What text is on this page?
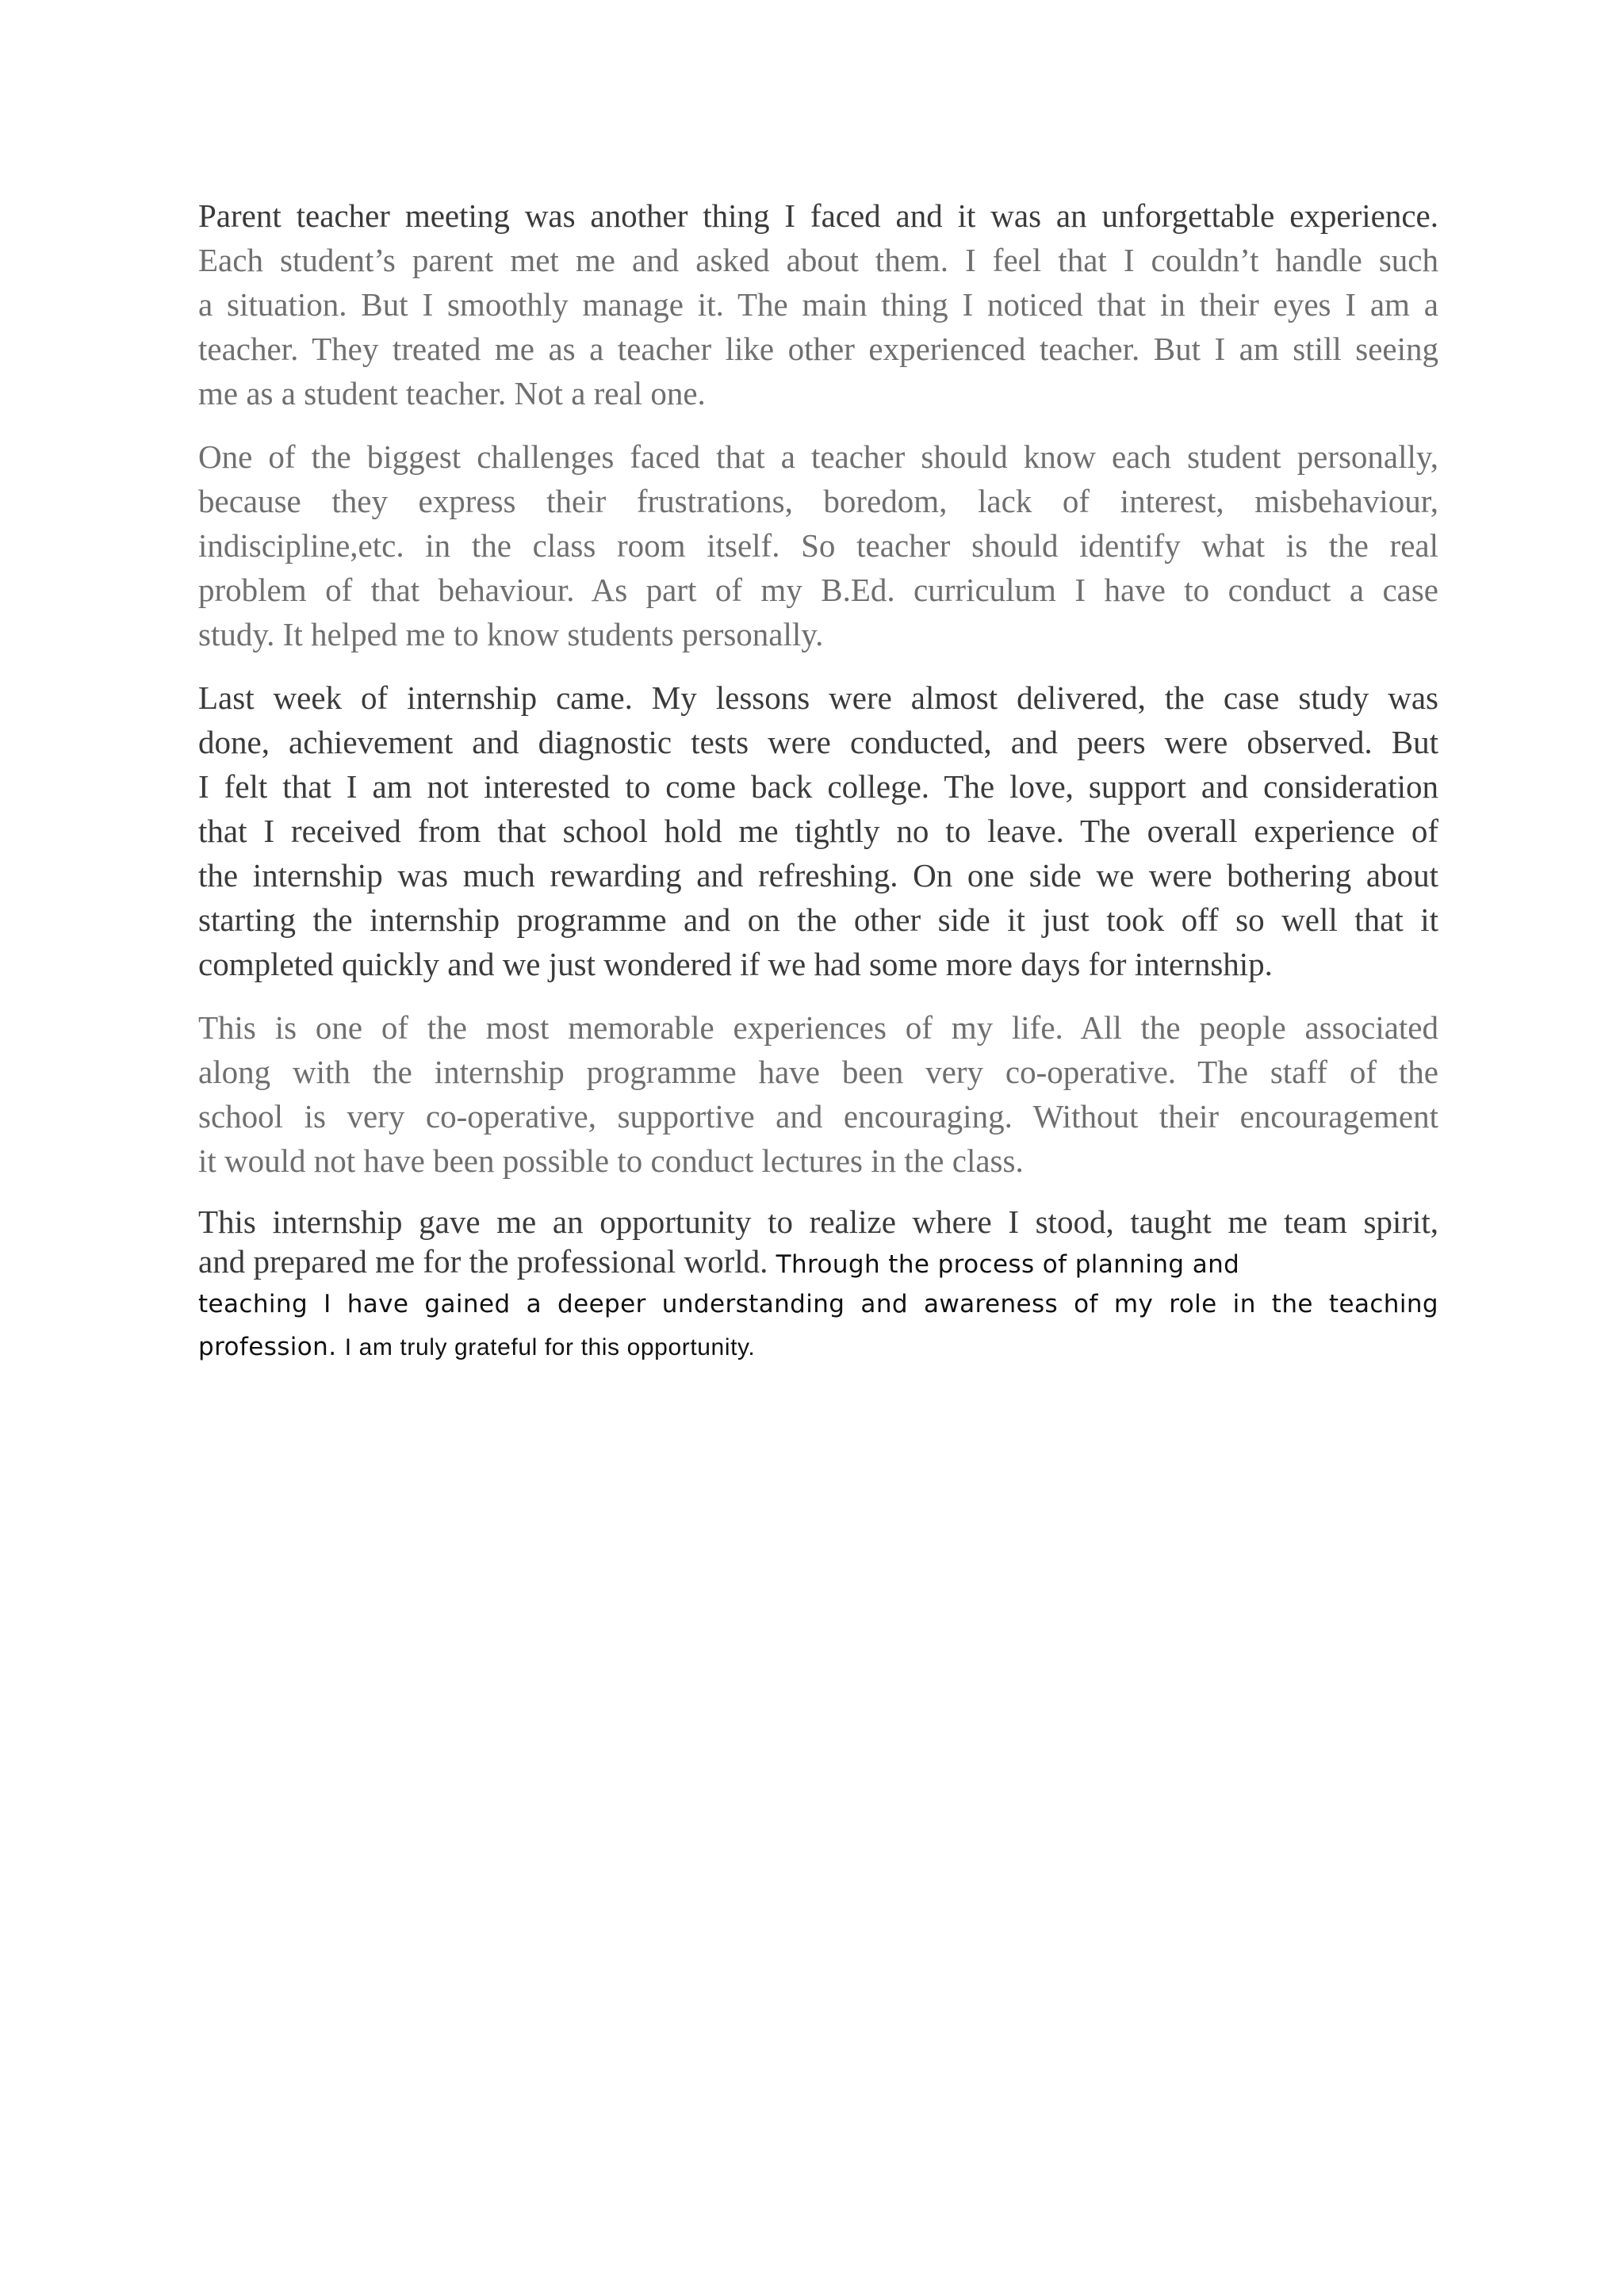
Parent teacher meeting was another thing I faced and it was an unforgettable experience.
Each student’s parent met me and asked about them. I feel that I couldn’t handle such
a situation. But I smoothly manage it. The main thing I noticed that in their eyes I am a
teacher. They treated me as a teacher like other experienced teacher. But I am still seeing
me as a student teacher. Not a real one.

One of the biggest challenges faced that a teacher should know each student personally,
because they express their frustrations, boredom, lack of interest, misbehaviour,
indiscipline,etc. in the class room itself. So teacher should identify what is the real
problem of that behaviour. As part of my B.Ed. curriculum I have to conduct a case
study. It helped me to know students personally.

Last week of internship came. My lessons were almost delivered, the case study was
done, achievement and diagnostic tests were conducted, and peers were observed. But
I felt that I am not interested to come back college. The love, support and consideration
that I received from that school hold me tightly no to leave. The overall experience of
the internship was much rewarding and refreshing. On one side we were bothering about
starting the internship programme and on the other side it just took off so well that it
completed quickly and we just wondered if we had some more days for internship.

This is one of the most memorable experiences of my life. All the people associated
along with the internship programme have been very co-operative. The staff of the
school is very co-operative, supportive and encouraging. Without their encouragement
it would not have been possible to conduct lectures in the class.

This internship gave me an opportunity to realize where I stood, taught me team spirit,
and prepared me for the professional world. Through the process of planning and
teaching I have gained a deeper understanding and awareness of my role in the teaching
profession. I am truly grateful for this opportunity.
